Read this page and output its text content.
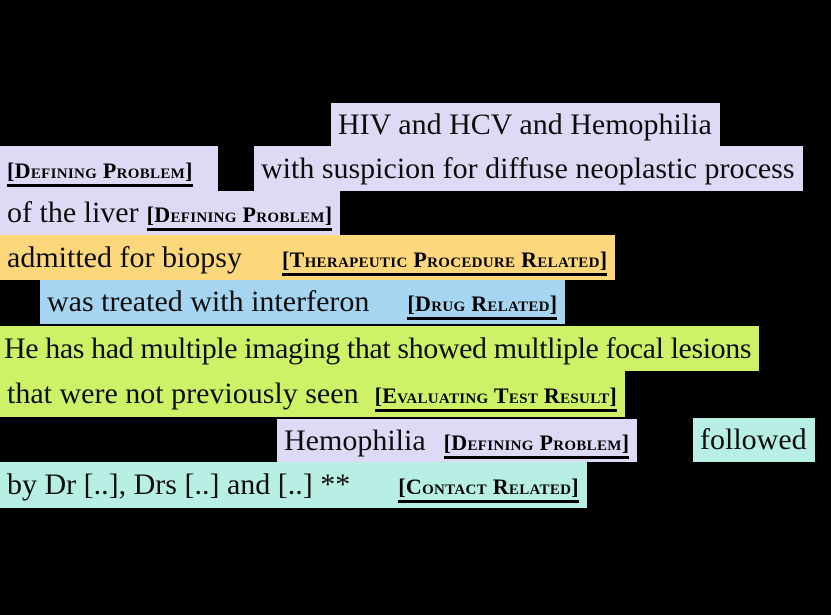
HIV and HCV and Hemophilia
[Defining Problem]	with suspicion for diffuse neoplastic process
of the liver [Defining Problem]
admitted for biopsy [Therapeutic Procedure Related]
was treated with interferon [Drug Related]
He has had multiple imaging that showed multliple focal lesions
that were not previously seen [Evaluating Test Result]
Hemophilia [Defining Problem] followed
by Dr [..], Drs [..] and [..] ** [Contact Related]
